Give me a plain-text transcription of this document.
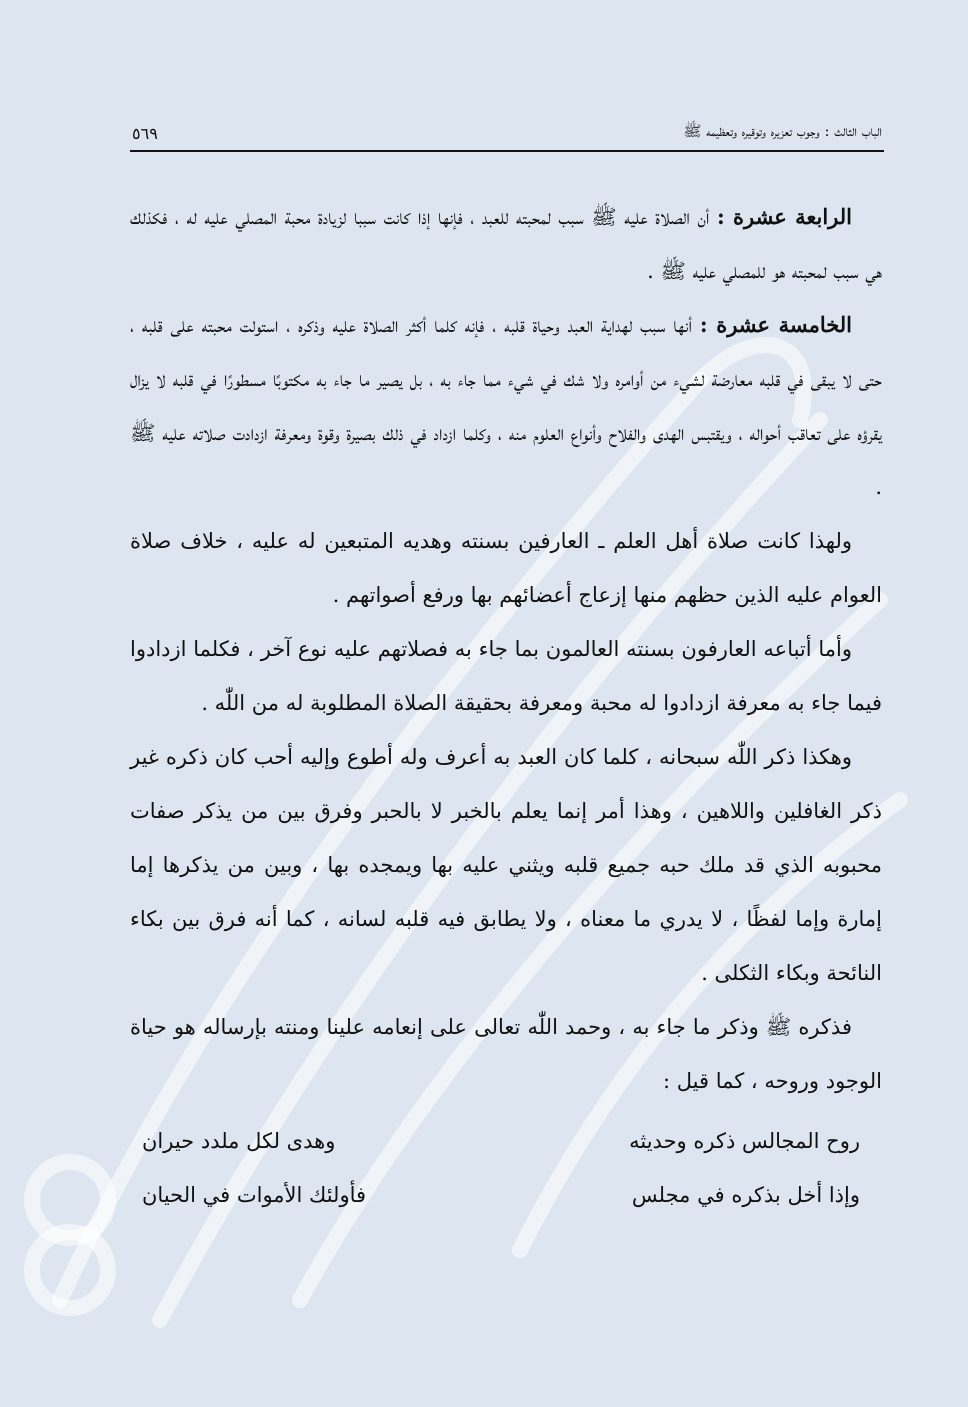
الباب الثالث : وجوب تعزيره وتوقيره وتعظيمه ﷺ
٥٦٩

الرابعة عشرة : أن الصلاة عليه ﷺ سبب لمحبته للعبد ، فإنها إذا كانت سببا لزيادة محبة المصلي عليه له ، فكذلك هي سبب لمحبته هو للمصلي عليه ﷺ .

الخامسة عشرة : أنها سبب لهداية العبد وحياة قلبه ، فإنه كلما أكثر الصلاة عليه وذكره ، استولت محبته على قلبه ، حتى لا يبقى في قلبه معارضة لشيء من أوامره ولا شك في شيء مما جاء به ، بل يصير ما جاء به مكتوبًا مسطورًا في قلبه لا يزال يقرؤه على تعاقب أحواله ، ويقتبس الهدى والفلاح وأنواع العلوم منه ، وكلما ازداد في ذلك بصيرة وقوة ومعرفة ازدادت صلاته عليه ﷺ .

ولهذا كانت صلاة أهل العلم ـ العارفين بسنته وهديه المتبعين له عليه ، خلاف صلاة العوام عليه الذين حظهم منها إزعاج أعضائهم بها ورفع أصواتهم .

وأما أتباعه العارفون بسنته العالمون بما جاء به فصلاتهم عليه نوع آخر ، فكلما ازدادوا فيما جاء به معرفة ازدادوا له محبة ومعرفة بحقيقة الصلاة المطلوبة له من اللّٰه .

وهكذا ذكر اللّٰه سبحانه ، كلما كان العبد به أعرف وله أطوع وإليه أحب كان ذكره غير ذكر الغافلين واللاهين ، وهذا أمر إنما يعلم بالخبر لا بالحبر وفرق بين من يذكر صفات محبوبه الذي قد ملك حبه جميع قلبه ويثني عليه بها ويمجده بها ، وبين من يذكرها إما إمارة وإما لفظًا ، لا يدري ما معناه ، ولا يطابق فيه قلبه لسانه ، كما أنه فرق بين بكاء النائحة وبكاء الثكلى .

فذكره ﷺ وذكر ما جاء به ، وحمد اللّٰه تعالى على إنعامه علينا ومنته بإرساله هو حياة الوجود وروحه ، كما قيل :

روح المجالس ذكره وحديثه
وهدى لكل ملدد حيران
وإذا أخل بذكره في مجلس
فأولئك الأموات في الحيان
